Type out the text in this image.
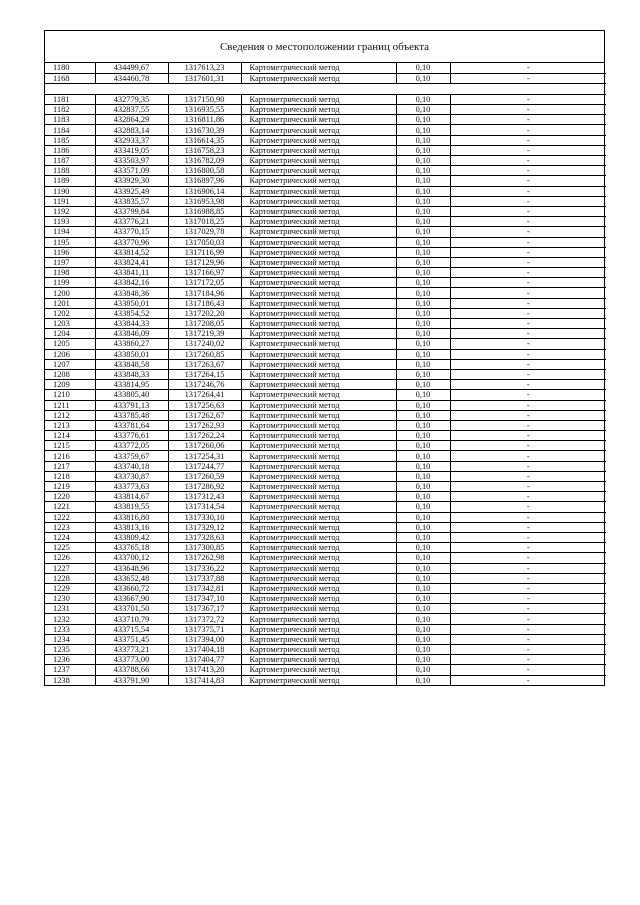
Сведения о местоположении границ объекта
1180	434499,67	1317613,23	Картометрический метод	0,10	-
1168	434460,78	1317601,31	Картометрический метод	0,10	-

1181	432779,35	1317150,90	Картометрический метод	0,10	-
1182	432837,55	1316935,55	Картометрический метод	0,10	-
1183	432864,29	1316811,86	Картометрический метод	0,10	-
1184	432883,14	1316730,39	Картометрический метод	0,10	-
1185	432933,37	1316614,35	Картометрический метод	0,10	-
1186	433419,05	1316758,23	Картометрический метод	0,10	-
1187	433503,97	1316782,09	Картометрический метод	0,10	-
1188	433571,09	1316800,58	Картометрический метод	0,10	-
1189	433929,30	1316897,96	Картометрический метод	0,10	-
1190	433925,49	1316906,14	Картометрический метод	0,10	-
1191	433835,57	1316953,98	Картометрический метод	0,10	-
1192	433799,84	1316988,85	Картометрический метод	0,10	-
1193	433776,21	1317018,25	Картометрический метод	0,10	-
1194	433770,15	1317029,78	Картометрический метод	0,10	-
1195	433770,96	1317050,03	Картометрический метод	0,10	-
1196	433814,52	1317116,99	Картометрический метод	0,10	-
1197	433824,41	1317129,96	Картометрический метод	0,10	-
1198	433841,11	1317166,97	Картометрический метод	0,10	-
1199	433842,16	1317172,05	Картометрический метод	0,10	-
1200	433848,36	1317184,96	Картометрический метод	0,10	-
1201	433850,01	1317186,43	Картометрический метод	0,10	-
1202	433854,52	1317202,20	Картометрический метод	0,10	-
1203	433844,33	1317208,05	Картометрический метод	0,10	-
1204	433846,09	1317219,39	Картометрический метод	0,10	-
1205	433860,27	1317240,02	Картометрический метод	0,10	-
1206	433850,01	1317260,85	Картометрический метод	0,10	-
1207	433848,58	1317263,67	Картометрический метод	0,10	-
1208	433848,33	1317264,15	Картометрический метод	0,10	-
1209	433814,95	1317246,76	Картометрический метод	0,10	-
1210	433805,40	1317264,41	Картометрический метод	0,10	-
1211	433791,13	1317256,63	Картометрический метод	0,10	-
1212	433785,48	1317262,67	Картометрический метод	0,10	-
1213	433781,64	1317262,93	Картометрический метод	0,10	-
1214	433776,61	1317262,24	Картометрический метод	0,10	-
1215	433772,05	1317260,06	Картометрический метод	0,10	-
1216	433759,67	1317254,31	Картометрический метод	0,10	-
1217	433740,18	1317244,77	Картометрический метод	0,10	-
1218	433730,87	1317260,59	Картометрический метод	0,10	-
1219	433773,63	1317286,92	Картометрический метод	0,10	-
1220	433814,67	1317312,43	Картометрический метод	0,10	-
1221	433819,55	1317314,54	Картометрический метод	0,10	-
1222	433816,80	1317330,10	Картометрический метод	0,10	-
1223	433813,16	1317329,12	Картометрический метод	0,10	-
1224	433809,42	1317328,63	Картометрический метод	0,10	-
1225	433765,18	1317300,85	Картометрический метод	0,10	-
1226	433700,12	1317262,98	Картометрический метод	0,10	-
1227	433648,96	1317336,22	Картометрический метод	0,10	-
1228	433652,48	1317337,88	Картометрический метод	0,10	-
1229	433660,72	1317342,81	Картометрический метод	0,10	-
1230	433667,90	1317347,10	Картометрический метод	0,10	-
1231	433701,50	1317367,17	Картометрический метод	0,10	-
1232	433710,79	1317372,72	Картометрический метод	0,10	-
1233	433715,54	1317375,71	Картометрический метод	0,10	-
1234	433751,45	1317394,00	Картометрический метод	0,10	-
1235	433773,21	1317404,18	Картометрический метод	0,10	-
1236	433773,00	1317404,77	Картометрический метод	0,10	-
1237	433788,66	1317413,20	Картометрический метод	0,10	-
1238	433791,90	1317414,83	Картометрический метод	0,10	-
